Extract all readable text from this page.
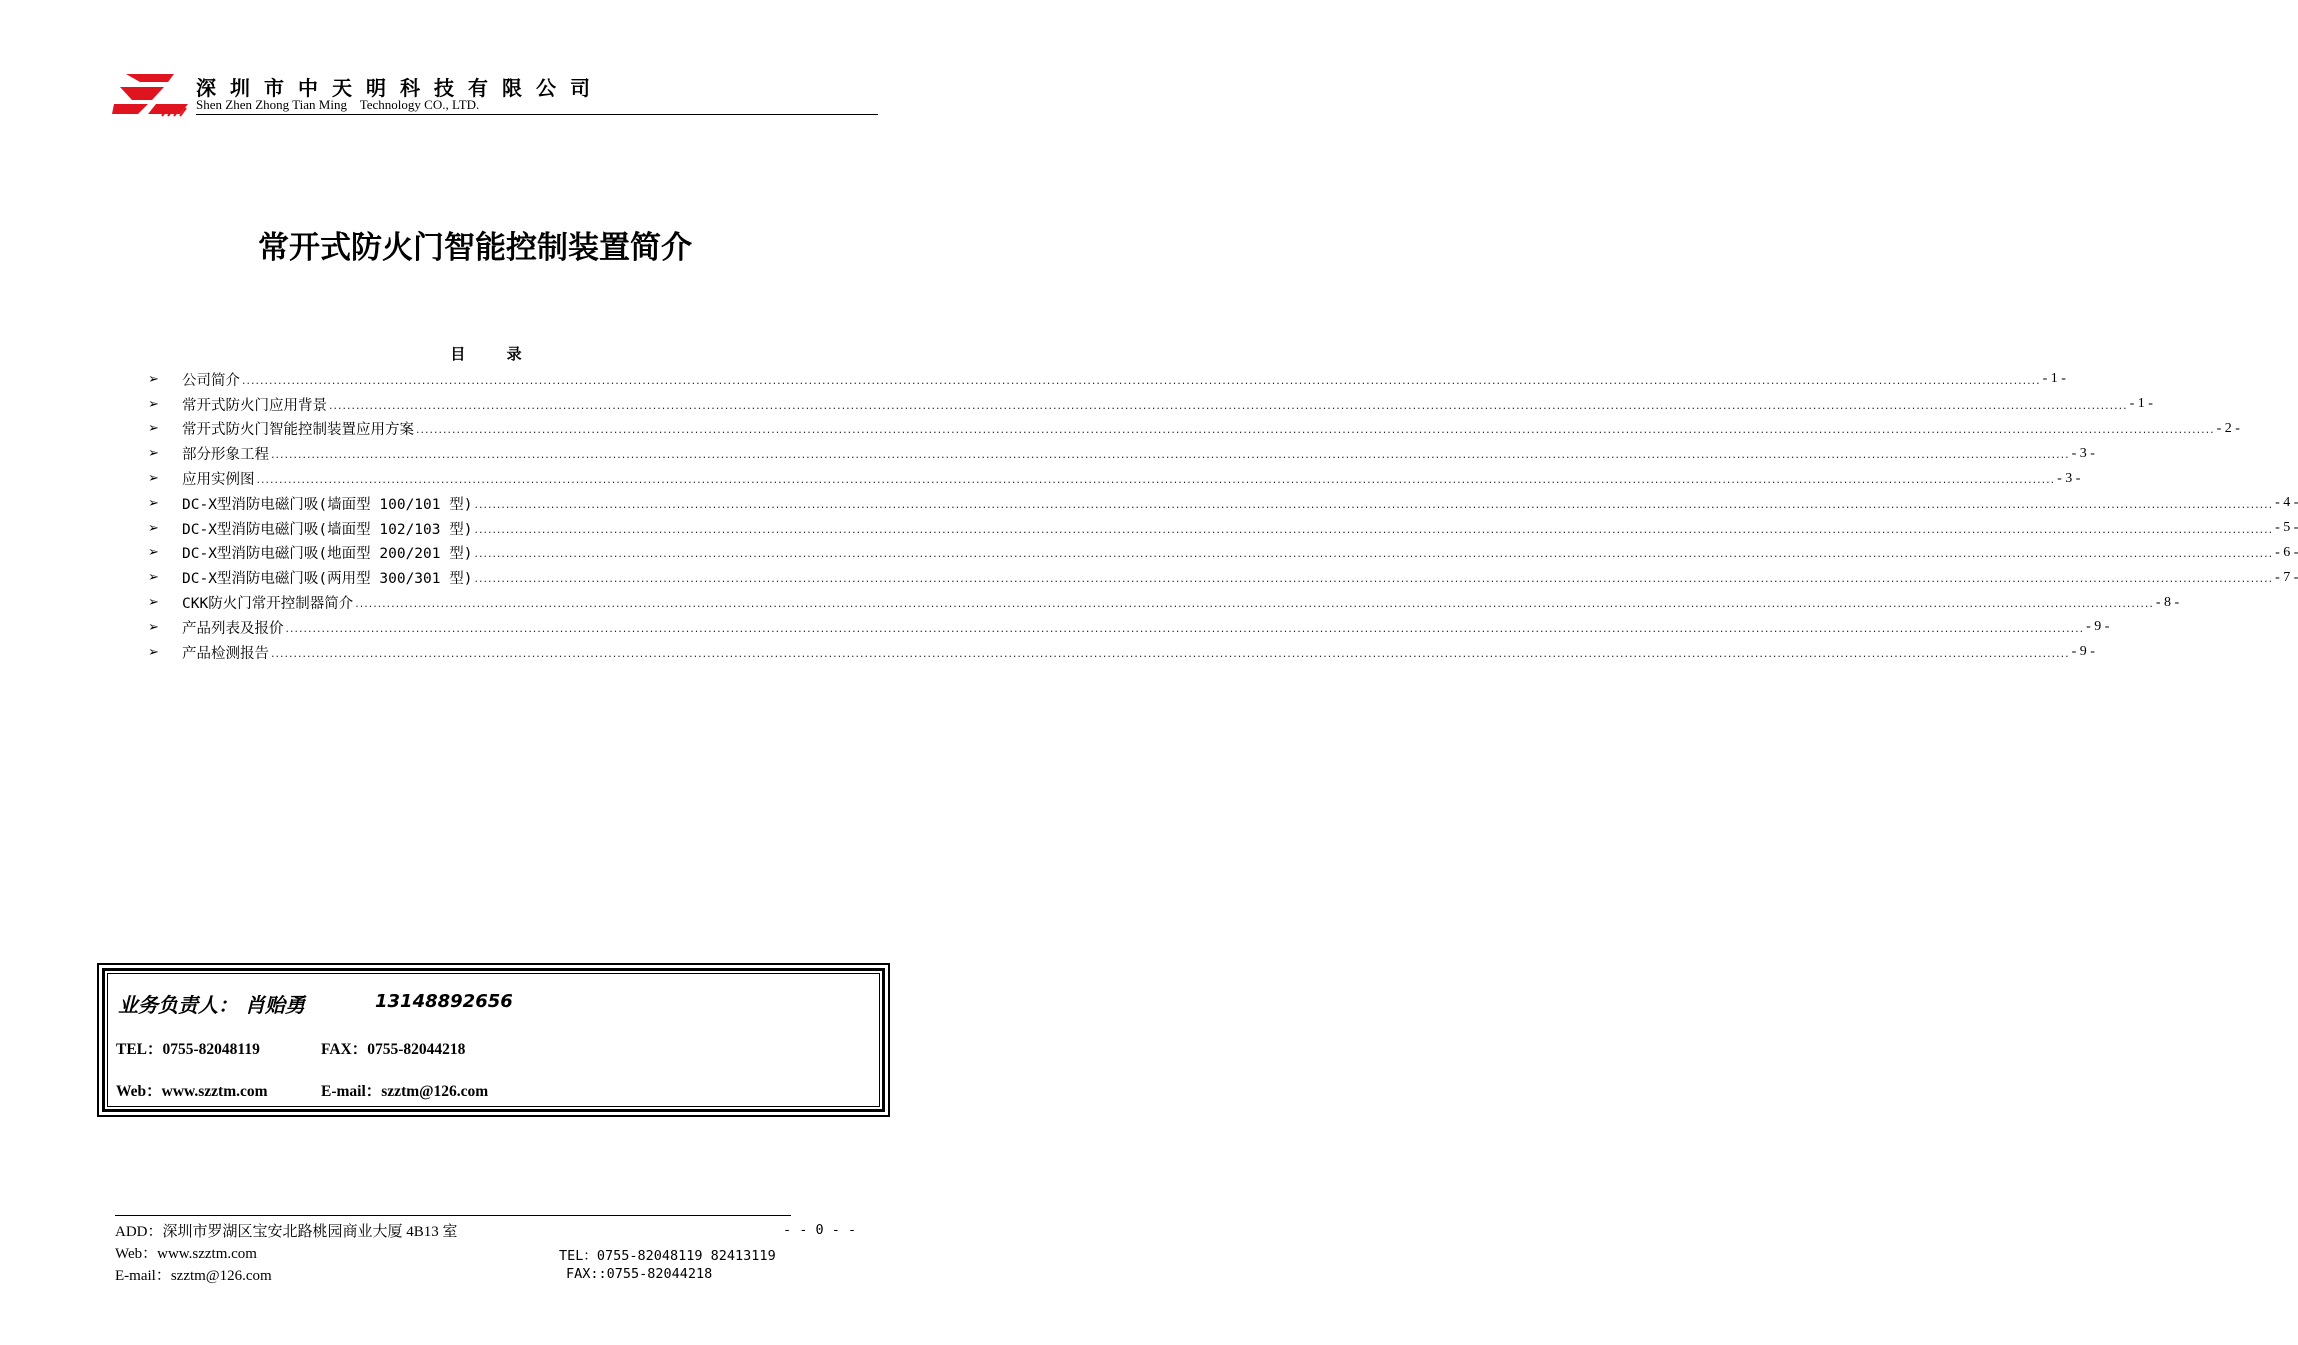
深圳市中天明科技有限公司
Shen Zhen Zhong Tian Ming    Technology CO., LTD.
常开式防火门智能控制装置简介
目 录
➢	公司简介 ................................................................................................................................................................................................................................................................................................................................................................................................................ - 1 -
➢	常开式防火门应用背景 ................................................................................................................................................................................................................................................................................................................................................................................................................ - 1 -
➢	常开式防火门智能控制装置应用方案 ................................................................................................................................................................................................................................................................................................................................................................................................................ - 2 -
➢	部分形象工程 ................................................................................................................................................................................................................................................................................................................................................................................................................ - 3 -
➢	应用实例图 ................................................................................................................................................................................................................................................................................................................................................................................................................ - 3 -
➢	DC-X型消防电磁门吸(墙面型 100/101 型) ................................................................................................................................................................................................................................................................................................................................................................................................................ - 4 -
➢	DC-X型消防电磁门吸(墙面型 102/103 型) ................................................................................................................................................................................................................................................................................................................................................................................................................ - 5 -
➢	DC-X型消防电磁门吸(地面型 200/201 型) ................................................................................................................................................................................................................................................................................................................................................................................................................ - 6 -
➢	DC-X型消防电磁门吸(两用型 300/301 型) ................................................................................................................................................................................................................................................................................................................................................................................................................ - 7 -
➢	CKK防火门常开控制器简介 ................................................................................................................................................................................................................................................................................................................................................................................................................ - 8 -
➢	产品列表及报价 ................................................................................................................................................................................................................................................................................................................................................................................................................ - 9 -
➢	产品检测报告 ................................................................................................................................................................................................................................................................................................................................................................................................................ - 9 -
业务负责人： 肖贻勇	13148892656
TEL：0755-82048119	FAX：0755-82044218
Web：www.szztm.com	E-mail：szztm@126.com
ADD：深圳市罗湖区宝安北路桃园商业大厦 4B13 室	- - 0 - -
Web：www.szztm.com	TEL：0755-82048119 82413119
E-mail：szztm@126.com	FAX::0755-82044218
